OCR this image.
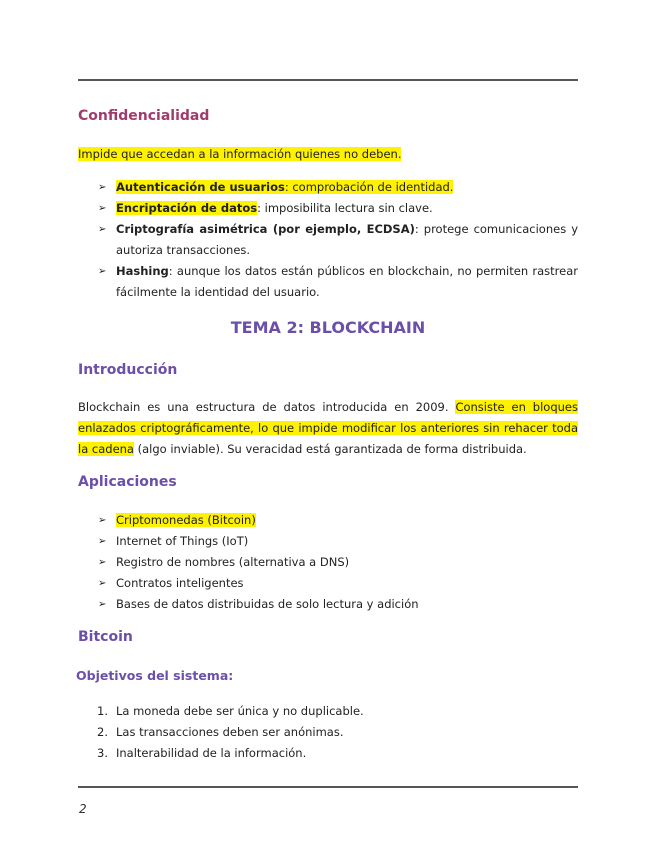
Confidencialidad

Impide que accedan a la información quienes no deben.

➢ Autenticación de usuarios: comprobación de identidad.
➢ Encriptación de datos: imposibilita lectura sin clave.
➢ Criptografía asimétrica (por ejemplo, ECDSA): protege comunicaciones y autoriza transacciones.
➢ Hashing: aunque los datos están públicos en blockchain, no permiten rastrear fácilmente la identidad del usuario.
TEMA 2: BLOCKCHAIN
Introducción

Blockchain es una estructura de datos introducida en 2009. Consiste en bloques enlazados criptográficamente, lo que impide modificar los anteriores sin rehacer toda la cadena (algo inviable). Su veracidad está garantizada de forma distribuida.

Aplicaciones
➢ Criptomonedas (Bitcoin)
➢ Internet of Things (IoT)
➢ Registro de nombres (alternativa a DNS)
➢ Contratos inteligentes
➢ Bases de datos distribuidas de solo lectura y adición
Bitcoin
Objetivos del sistema:
1. La moneda debe ser única y no duplicable.
2. Las transacciones deben ser anónimas.
3. Inalterabilidad de la información.
2
